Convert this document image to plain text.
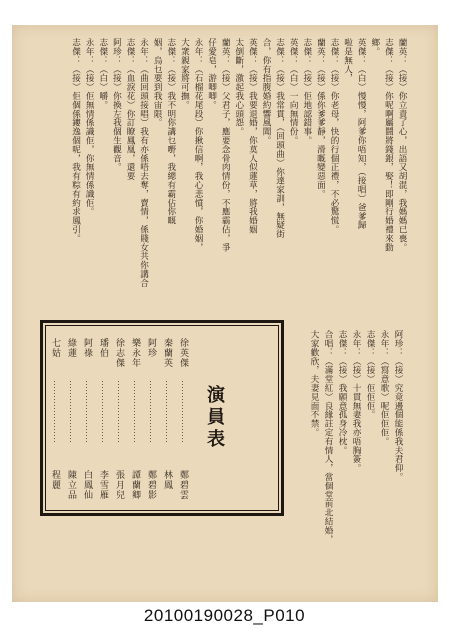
20100190028_P010
蘭英：（接）你立責了心，出語又胡混，我媽媽已喪。
志傑：（接）你呢啊屬鬪將錢銀，娶！即剛行婚禮來動
鄉。
英傑：（白）慢慢，阿爹你唔知，（接唱）爸爹歸
啦是無人，
志傑：（接）你老母，快的行個正禮，不必驚慌。
蘭英：（接）係你爹爹靜，滑嘅變惡面。
志傑：（接）佢地認錯事。
英傑：（白）一向無情份。
志傑：（接）我常貫，（回頭曲）你達家訓，無疑街
合，你有指腹婚約響風聞。
英傑：（接）我要退婚，你莫人似蓮草，將我婚姻
太倒斷，激起我心頭怨。
蘭英：（接）父君子，應要念骨肉情份，不應霸佔，爭
仔愛皂，游唧唧。
永年：（石榴花尾段）你揪信啊，我心悲憤，你婚姻，
大衆親家將可撫。
志傑：（接）我不明你講乜嘢，我總有霸佔你嘅
姻，烏乜要到我宙限。
永年：（曲回頭接唱）我有亦係唔去奪，賣情，係賤女共你講合
志傑：（血淚花）你訂瞭鳳凰，還要
阿珍：（接）你換左我個生觀音。
志傑：（白）嚼。
永年：（接）佢無情係識佢，你無情係識佢。
志傑：（接）佢個係鏤逸個呢，我有粽有約求鳳引。
阿珍：（接）究竟邊個能係我夫君仰。
永年：（寫意歌）呢佢佢佢。
志傑：（接）佢佢佢。
永年：（接）十貫無妻我亦唔胸簽。
志傑：（接）我願意孤身冷枕。
合唱：（滿堂紅）良緣註定有情人，當個堂前北結婚，
大家歡欣，夫妻見面不禁。
演員表
徐英傑
⋯⋯⋯⋯⋯⋯⋯
鄭碧雲
秦蘭英
⋯⋯⋯⋯⋯⋯⋯
林鳳
阿珍
⋯⋯⋯⋯⋯⋯⋯
鄭碧影
樂永年
⋯⋯⋯⋯⋯⋯⋯
譚蘭卿
徐志傑
⋯⋯⋯⋯⋯⋯⋯
張月兒
璠伯
⋯⋯⋯⋯⋯⋯⋯
李雪雁
阿祿
⋯⋯⋯⋯⋯⋯⋯
白鳳仙
綠蓮
⋯⋯⋯⋯⋯⋯⋯
陳立品
七姑
⋯⋯⋯⋯⋯⋯⋯
程麗
